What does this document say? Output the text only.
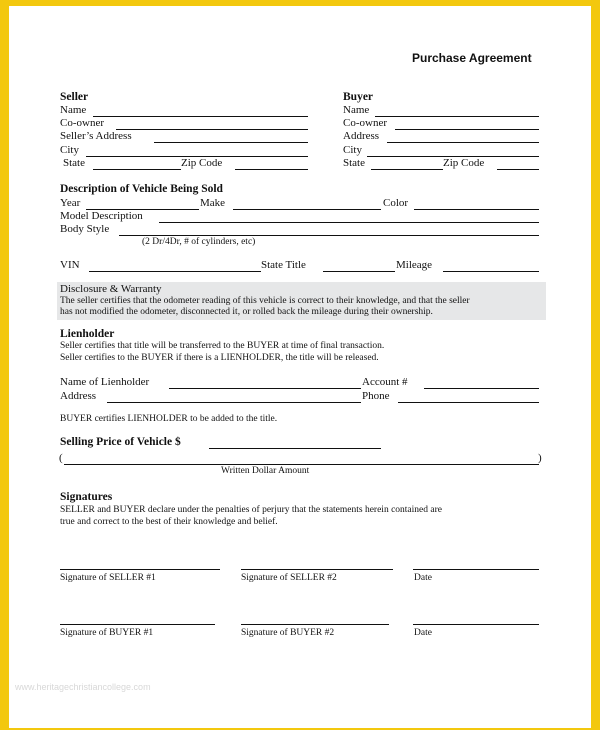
Purchase Agreement
Seller
Name
Co-owner
Seller’s Address
City
State	Zip Code
Buyer
Name
Co-owner
Address
City
State	Zip Code
Description of Vehicle Being Sold
Year	Make	Color
Model Description
Body Style
(2 Dr/4Dr, # of cylinders, etc)
VIN	State Title	Mileage
Disclosure & Warranty
The seller certifies that the odometer reading of this vehicle is correct to their knowledge, and that the seller
has not modified the odometer, disconnected it, or rolled back the mileage during their ownership.
Lienholder
Seller certifies that title will be transferred to the BUYER at time of final transaction.
Seller certifies to the BUYER if there is a LIENHOLDER, the title will be released.
Name of Lienholder	Account #
Address	Phone
BUYER certifies LIENHOLDER to be added to the title.
Selling Price of Vehicle $
(	)
Written Dollar Amount
Signatures
SELLER and BUYER declare under the penalties of perjury that the statements herein contained are
true and correct to the best of their knowledge and belief.
Signature of SELLER #1	Signature of SELLER #2	Date
Signature of BUYER #1	Signature of BUYER #2	Date
www.heritagechristiancollege.com
